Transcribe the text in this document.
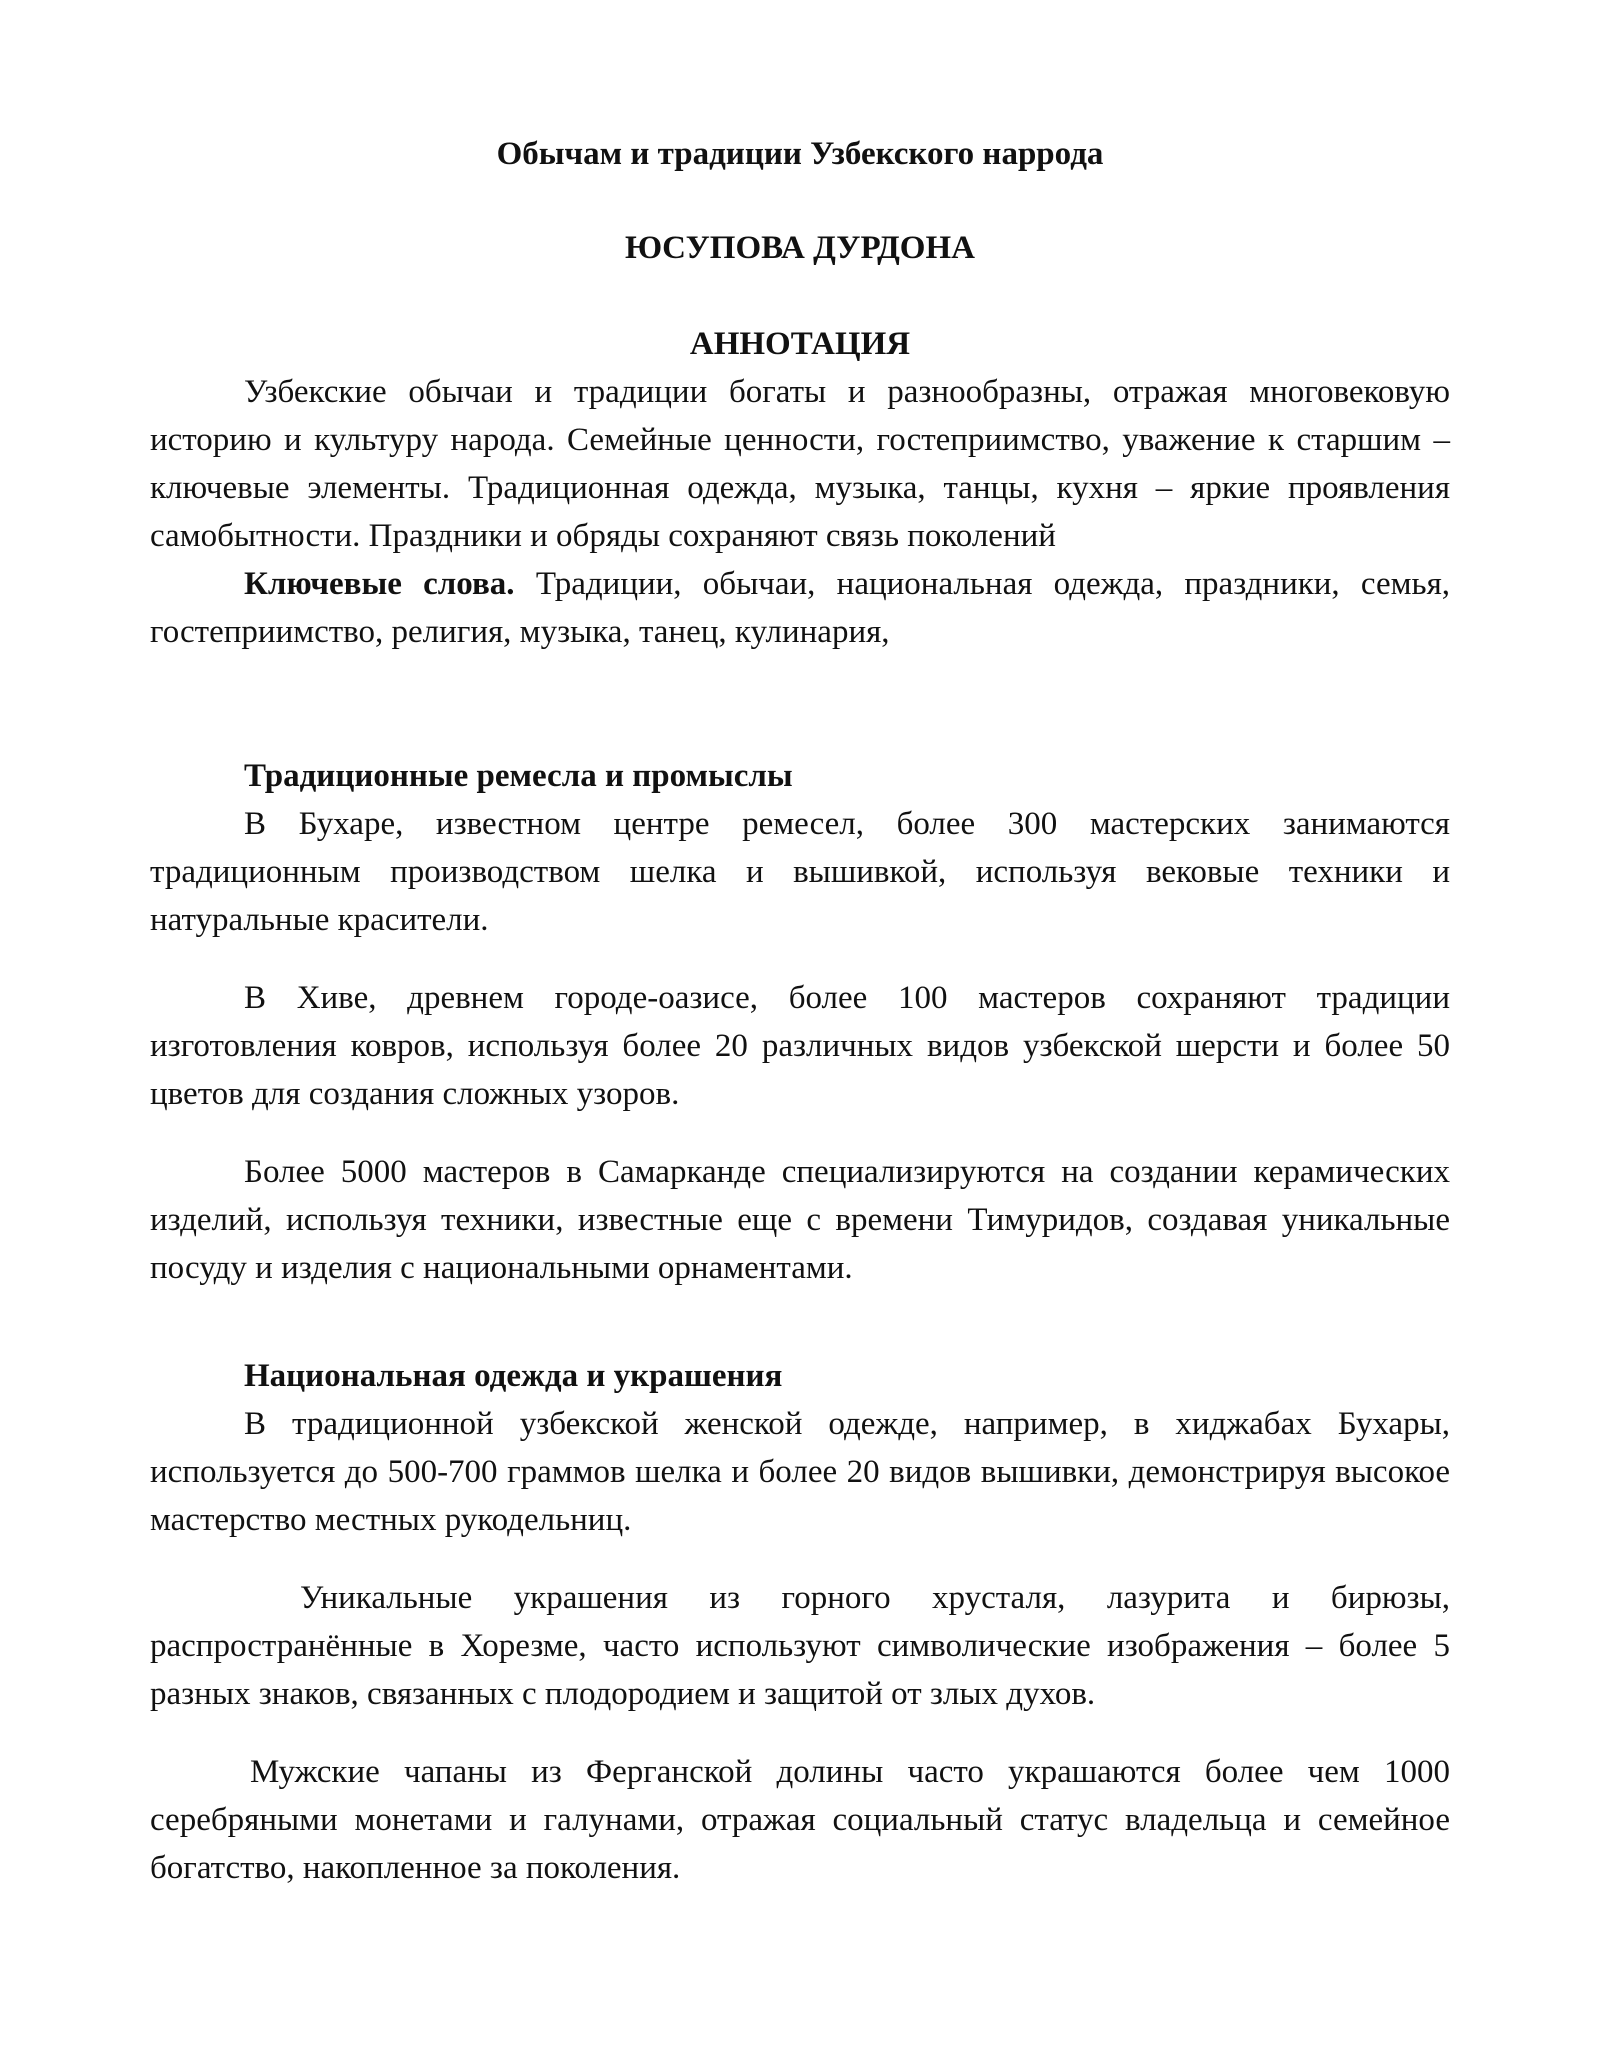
Обычам и традиции Узбекского наррода

ЮСУПОВА ДУРДОНА

АННОТАЦИЯ

Узбекские обычаи и традиции богаты и разнообразны, отражая многовековую историю и культуру народа. Семейные ценности, гостеприимство, уважение к старшим – ключевые элементы. Традиционная одежда, музыка, танцы, кухня – яркие проявления самобытности. Праздники и обряды сохраняют связь поколений

Ключевые слова. Традиции, обычаи, национальная одежда, праздники, семья, гостеприимство, религия, музыка, танец, кулинария,

Традиционные ремесла и промыслы

В Бухаре, известном центре ремесел, более 300 мастерских занимаются традиционным производством шелка и вышивкой, используя вековые техники и натуральные красители.

В Хиве, древнем городе-оазисе, более 100 мастеров сохраняют традиции изготовления ковров, используя более 20 различных видов узбекской шерсти и более 50 цветов для создания сложных узоров.

Более 5000 мастеров в Самарканде специализируются на создании керамических изделий, используя техники, известные еще с времени Тимуридов, создавая уникальные посуду и изделия с национальными орнаментами.

Национальная одежда и украшения

В традиционной узбекской женской одежде, например, в хиджабах Бухары, используется до 500-700 граммов шелка и более 20 видов вышивки, демонстрируя высокое мастерство местных рукодельниц.

Уникальные украшения из горного хрусталя, лазурита и бирюзы, распространённые в Хорезме, часто используют символические изображения – более 5 разных знаков, связанных с плодородием и защитой от злых духов.

Мужские чапаны из Ферганской долины часто украшаются более чем 1000 серебряными монетами и галунами, отражая социальный статус владельца и семейное богатство, накопленное за поколения.
